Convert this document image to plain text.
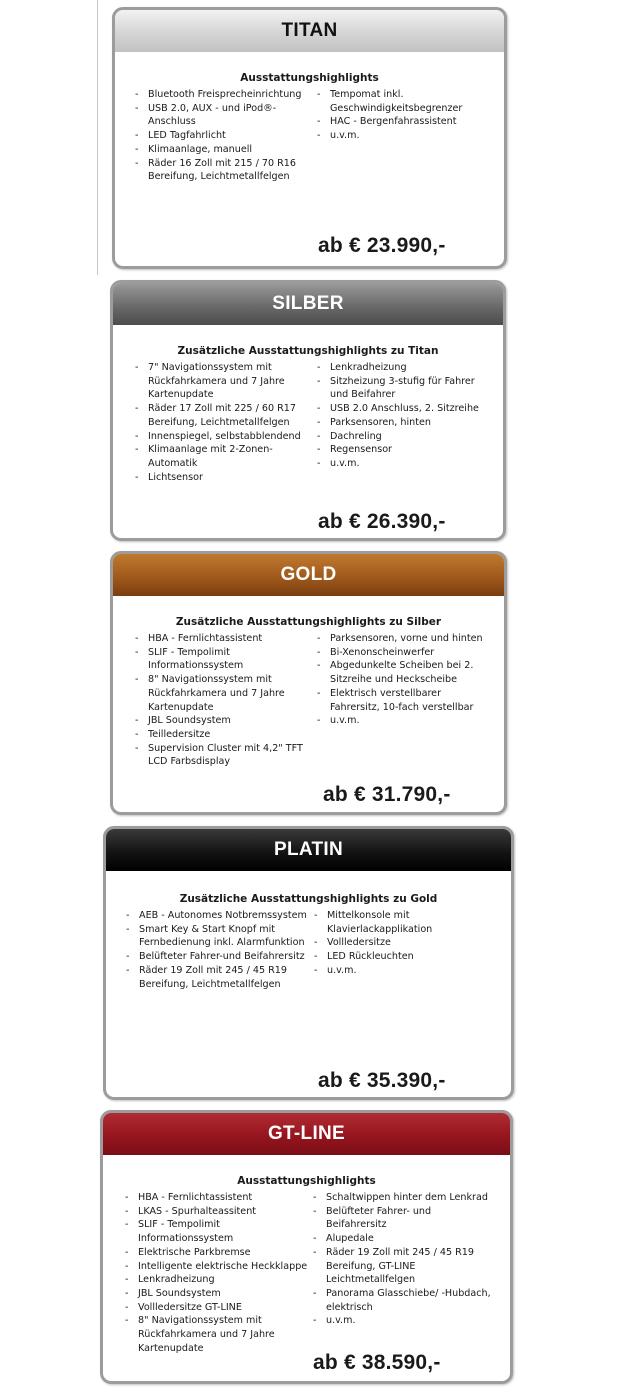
TITAN
Ausstattungshighlights
- Bluetooth Freisprecheinrichtung
- USB 2.0, AUX - und iPod®-Anschluss
- LED Tagfahrlicht
- Klimaanlage, manuell
- Räder 16 Zoll mit 215 / 70 R16 Bereifung, Leichtmetallfelgen
- Tempomat inkl. Geschwindigkeitsbegrenzer
- HAC - Bergenfahrassistent
- u.v.m.
ab € 23.990,-
SILBER
Zusätzliche Ausstattungshighlights zu Titan
- 7" Navigationssystem mit Rückfahrkamera und 7 Jahre Kartenupdate
- Räder 17 Zoll mit 225 / 60 R17 Bereifung, Leichtmetallfelgen
- Innenspiegel, selbstabblendend
- Klimaanlage mit 2-Zonen-Automatik
- Lichtsensor
- Lenkradheizung
- Sitzheizung 3-stufig für Fahrer und Beifahrer
- USB 2.0 Anschluss, 2. Sitzreihe
- Parksensoren, hinten
- Dachreling
- Regensensor
- u.v.m.
ab € 26.390,-
GOLD
Zusätzliche Ausstattungshighlights zu Silber
- HBA - Fernlichtassistent
- SLIF - Tempolimit Informationssystem
- 8" Navigationssystem mit Rückfahrkamera und 7 Jahre Kartenupdate
- JBL Soundsystem
- Teilledersitze
- Supervision Cluster mit 4,2" TFT LCD Farbsdisplay
- Parksensoren, vorne und hinten
- Bi-Xenonscheinwerfer
- Abgedunkelte Scheiben bei 2. Sitzreihe und Heckscheibe
- Elektrisch verstellbarer Fahrersitz, 10-fach verstellbar
- u.v.m.
ab € 31.790,-
PLATIN
Zusätzliche Ausstattungshighlights zu Gold
- AEB - Autonomes Notbremssystem
- Smart Key & Start Knopf mit Fernbedienung inkl. Alarmfunktion
- Belüfteter Fahrer-und Beifahrersitz
- Räder 19 Zoll mit 245 / 45 R19 Bereifung, Leichtmetallfelgen
- Mittelkonsole mit Klavierlackapplikation
- Vollledersitze
- LED Rückleuchten
- u.v.m.
ab € 35.390,-
GT-LINE
Ausstattungshighlights
- HBA - Fernlichtassistent
- LKAS - Spurhalteassitent
- SLIF - Tempolimit Informationssystem
- Elektrische Parkbremse
- Intelligente elektrische Heckklappe
- Lenkradheizung
- JBL Soundsystem
- Vollledersitze GT-LINE
- 8" Navigationssystem mit Rückfahrkamera und 7 Jahre Kartenupdate
- Schaltwippen hinter dem Lenkrad
- Belüfteter Fahrer- und Beifahrersitz
- Alupedale
- Räder 19 Zoll mit 245 / 45 R19 Bereifung, GT-LINE Leichtmetallfelgen
- Panorama Glasschiebe/ -Hubdach, elektrisch
- u.v.m.
ab € 38.590,-
